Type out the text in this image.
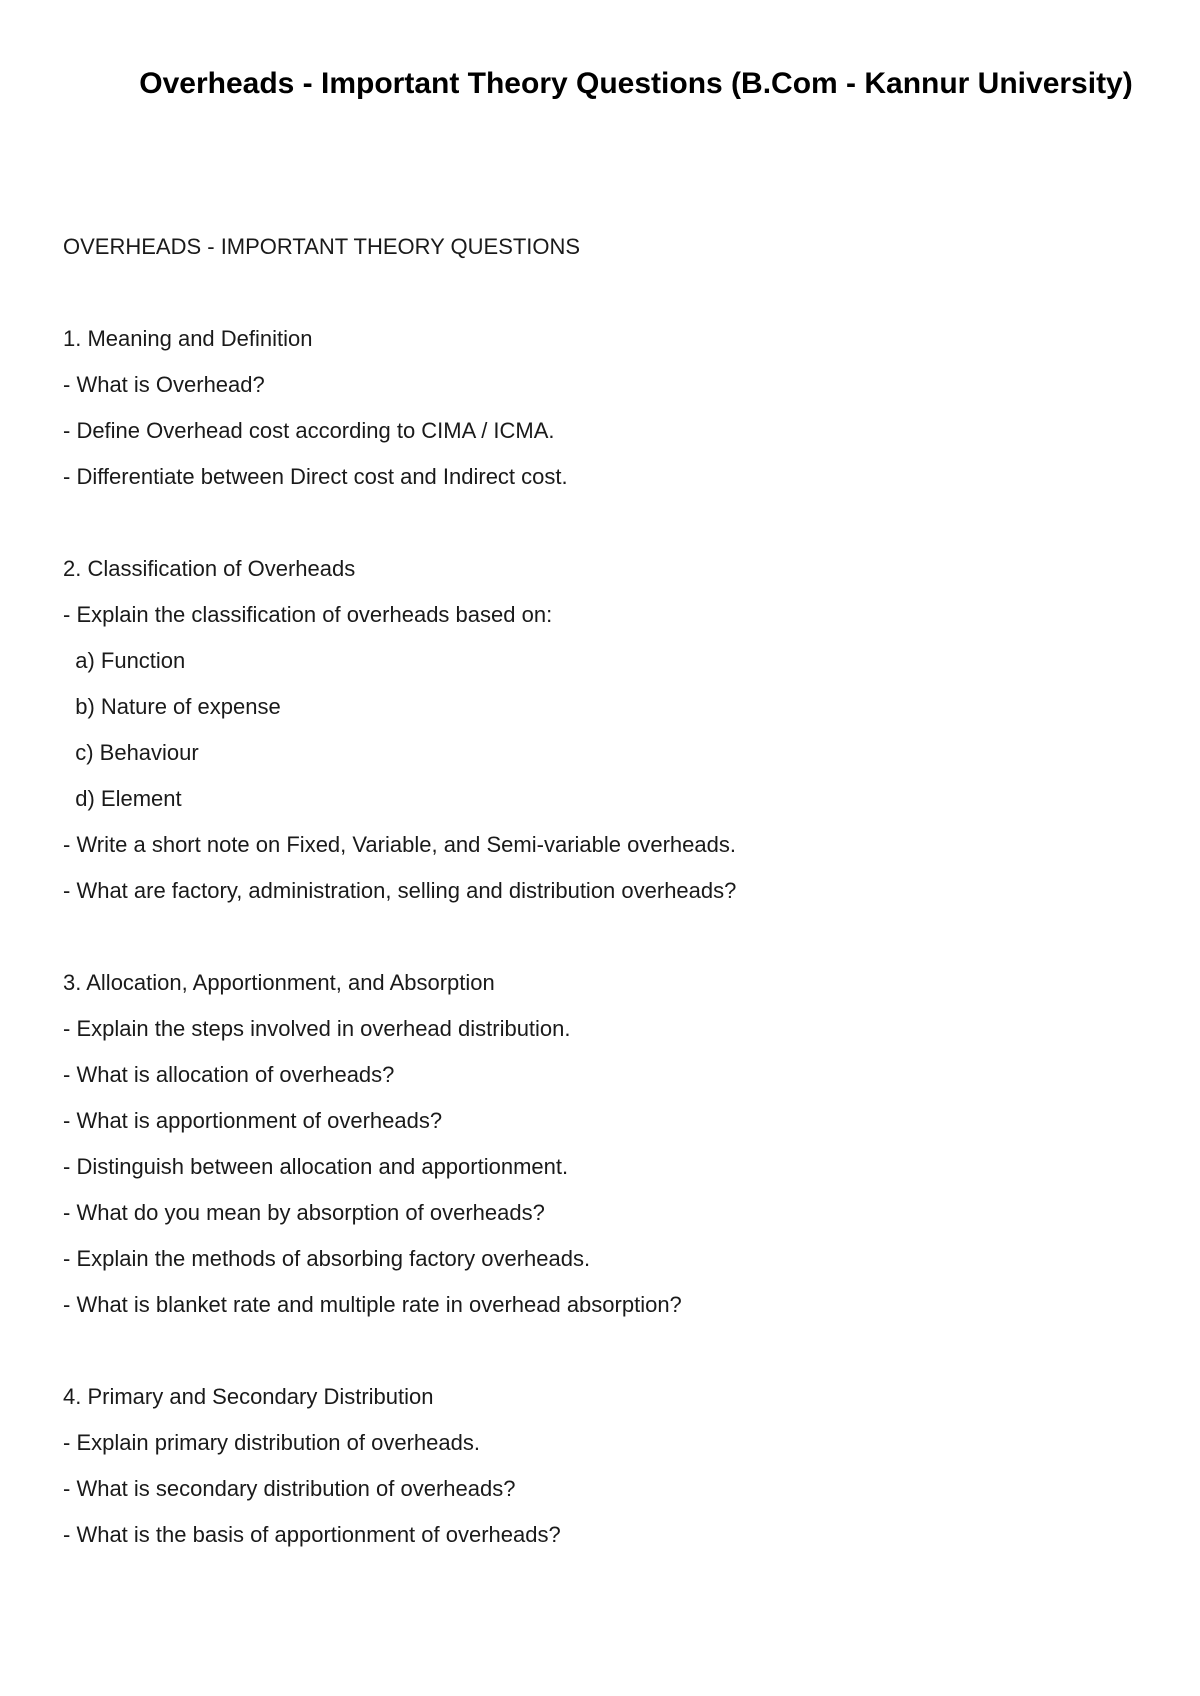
Overheads - Important Theory Questions (B.Com - Kannur University)
OVERHEADS - IMPORTANT THEORY QUESTIONS
1. Meaning and Definition
- What is Overhead?
- Define Overhead cost according to CIMA / ICMA.
- Differentiate between Direct cost and Indirect cost.
2. Classification of Overheads
- Explain the classification of overheads based on:
a) Function
b) Nature of expense
c) Behaviour
d) Element
- Write a short note on Fixed, Variable, and Semi-variable overheads.
- What are factory, administration, selling and distribution overheads?
3. Allocation, Apportionment, and Absorption
- Explain the steps involved in overhead distribution.
- What is allocation of overheads?
- What is apportionment of overheads?
- Distinguish between allocation and apportionment.
- What do you mean by absorption of overheads?
- Explain the methods of absorbing factory overheads.
- What is blanket rate and multiple rate in overhead absorption?
4. Primary and Secondary Distribution
- Explain primary distribution of overheads.
- What is secondary distribution of overheads?
- What is the basis of apportionment of overheads?
